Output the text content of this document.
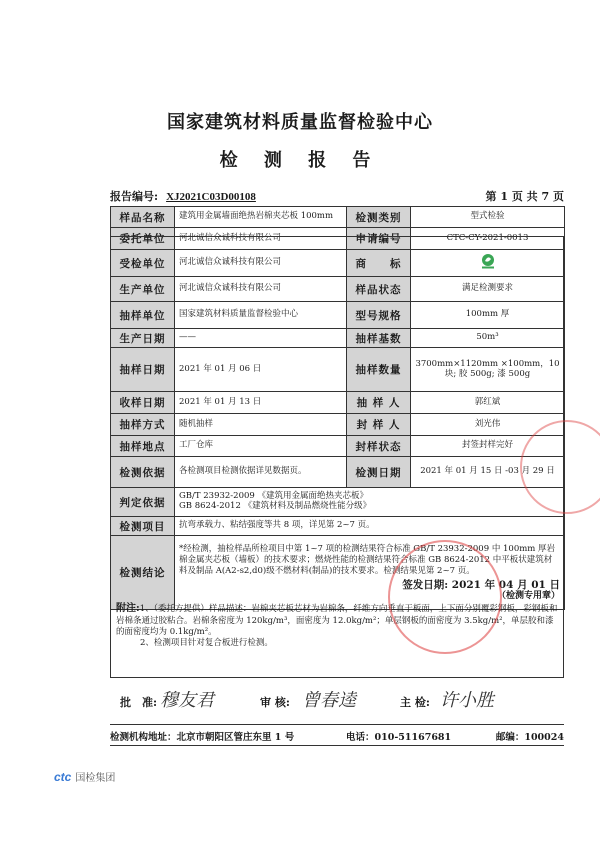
国家建筑材料质量监督检验中心
检 测 报 告
报告编号: XJ2021C03D00108	第 1 页 共 7 页
样品名称	建筑用金属墙面绝热岩棉夹芯板 100mm	检测类别	型式检验
委托单位	河北诚信众诚科技有限公司	申请编号	CTC-CY-2021-0013
受检单位	河北诚信众诚科技有限公司	商　　标	
生产单位	河北诚信众诚科技有限公司	样品状态	满足检测要求
抽样单位	国家建筑材料质量监督检验中心	型号规格	100mm 厚
生产日期	——	抽样基数	50m³
抽样日期	2021 年 01 月 06 日	抽样数量	3700mm×1120mm ×100mm，10 块; 胶 500g; 漆 500g
收样日期	2021 年 01 月 13 日	抽 样 人	郭红斌
抽样方式	随机抽样	封 样 人	刘光伟
抽样地点	工厂仓库	封样状态	封签封样完好
检测依据	各检测项目检测依据详见数据页。	检测日期	2021 年 01 月 15 日 -03 月 29 日
判定依据	GB/T 23932-2009 《建筑用金属面绝热夹芯板》
GB 8624-2012 《建筑材料及制品燃烧性能分级》		

检测项目	抗弯承载力、粘结强度等共 8 项，详见第 2~7 页。		
检测结论	*经检测，抽检样品所检项目中第 1~7 项的检测结果符合标准 GB/T 23932-2009 中 100mm 厚岩棉金属夹芯板（墙板）的技术要求；燃烧性能的检测结果符合标准 GB 8624-2012 中平板状建筑材料及制品 A(A2-s2,d0)级不燃材料(制品)的技术要求。检测结果见第 2~7 页。
签发日期: 2021 年 04 月 01 日
（检测专用章）		
附注:1、（委托方提供）样品描述：岩棉夹芯板芯材为岩棉条，纤维方向垂直于板面，上下面分别覆彩钢板，彩钢板和岩棉条通过胶粘合。岩棉条密度为 120kg/m³，面密度为 12.0kg/m²；单层钢板的面密度为 3.5kg/m²，单层胶和漆的面密度均为 0.1kg/m²。
2、检测项目针对复合板进行检测。
批　准: 穆友君	审 核: 曾春逵	主 检: 许小胜
检测机构地址：北京市朝阳区管庄东里 1 号	电话：010-51167681	邮编：100024
ctc 国检集团
